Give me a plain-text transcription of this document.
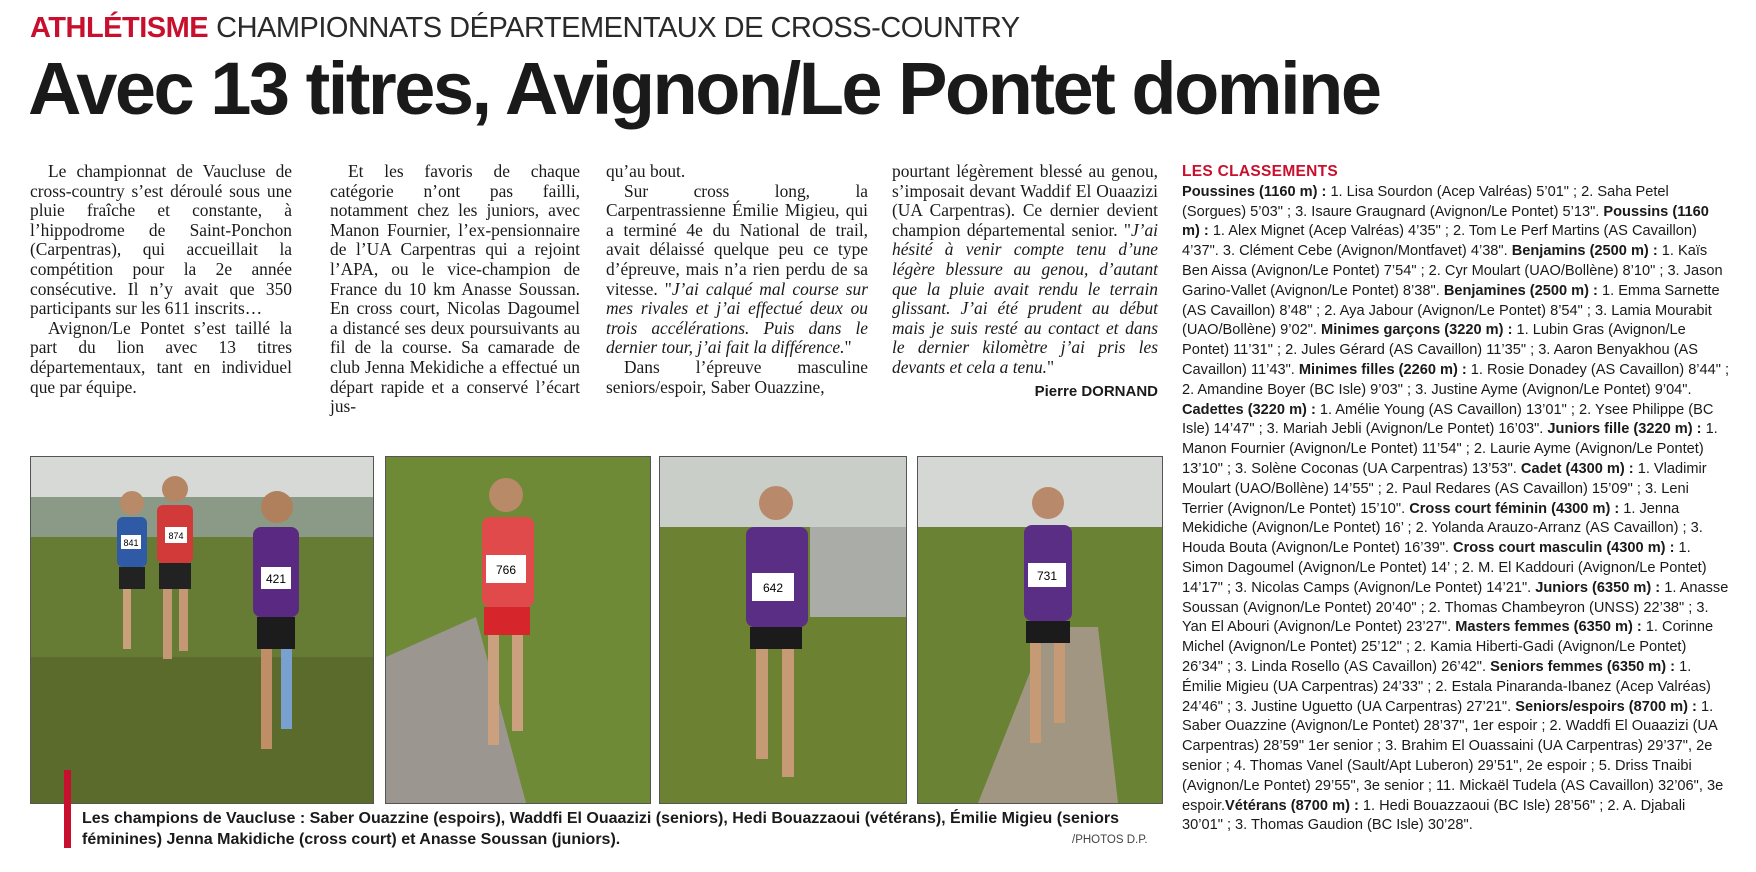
ATHLÉTISME CHAMPIONNATS DÉPARTEMENTAUX DE CROSS-COUNTRY
Avec 13 titres, Avignon/Le Pontet domine

Le championnat de Vaucluse de cross-country s’est déroulé sous une pluie fraîche et constante, à l’hippodrome de Saint-Ponchon (Carpentras), qui accueillait la compétition pour la 2e année consécutive. Il n’y avait que 350 participants sur les 611 inscrits…

Avignon/Le Pontet s’est taillé la part du lion avec 13 titres départementaux, tant en individuel que par équipe.

Et les favoris de chaque catégorie n’ont pas failli, notamment chez les juniors, avec Manon Fournier, l’ex-pensionnaire de l’UA Carpentras qui a rejoint l’APA, ou le vice-champion de France du 10 km Anasse Soussan. En cross court, Nicolas Dagoumel a distancé ses deux poursuivants au fil de la course. Sa camarade de club Jenna Mekidiche a effectué un départ rapide et a conservé l’écart jus-

qu’au bout.

Sur cross long, la Carpentrassienne Émilie Migieu, qui a terminé 4e du National de trail, avait délaissé quelque peu ce type d’épreuve, mais n’a rien perdu de sa vitesse. "J’ai calqué mal course sur mes rivales et j’ai effectué deux ou trois accélérations. Puis dans le dernier tour, j’ai fait la différence."

Dans l’épreuve masculine seniors/espoir, Saber Ouazzine,

pourtant légèrement blessé au genou, s’imposait devant Waddif El Ouaazizi (UA Carpentras). Ce dernier devient champion départemental senior. "J’ai hésité à venir compte tenu d’une légère blessure au genou, d’autant que la pluie avait rendu le terrain glissant. J’ai été prudent au début mais je suis resté au contact et dans le dernier kilomètre j’ai pris les devants et cela a tenu."

Pierre DORNAND
LES CLASSEMENTS
Poussines (1160 m) : 1. Lisa Sourdon (Acep Valréas) 5’01" ; 2. Saha Petel (Sorgues) 5’03" ; 3. Isaure Graugnard (Avignon/Le Pontet) 5’13". Poussins (1160 m) : 1. Alex Mignet (Acep Valréas) 4’35" ; 2. Tom Le Perf Martins (AS Cavaillon) 4’37". 3. Clément Cebe (Avignon/Montfavet) 4’38". Benjamins (2500 m) : 1. Kaïs Ben Aissa (Avignon/Le Pontet) 7’54" ; 2. Cyr Moulart (UAO/Bollène) 8’10" ; 3. Jason Garino-Vallet (Avignon/Le Pontet) 8’38". Benjamines (2500 m) : 1. Emma Sarnette (AS Cavaillon) 8’48" ; 2. Aya Jabour (Avignon/Le Pontet) 8’54" ; 3. Lamia Mourabit (UAO/Bollène) 9’02". Minimes garçons (3220 m) : 1. Lubin Gras (Avignon/Le Pontet) 11’31" ; 2. Jules Gérard (AS Cavaillon) 11’35" ; 3. Aaron Benyakhou (AS Cavaillon) 11’43". Minimes filles (2260 m) : 1. Rosie Donadey (AS Cavaillon) 8’44" ; 2. Amandine Boyer (BC Isle) 9’03" ; 3. Justine Ayme (Avignon/Le Pontet) 9’04". Cadettes (3220 m) : 1. Amélie Young (AS Cavaillon) 13’01" ; 2. Ysee Philippe (BC Isle) 14’47" ; 3. Mariah Jebli (Avignon/Le Pontet) 16’03". Juniors fille (3220 m) : 1. Manon Fournier (Avignon/Le Pontet) 11’54" ; 2. Laurie Ayme (Avignon/Le Pontet) 13’10" ; 3. Solène Coconas (UA Carpentras) 13’53". Cadet (4300 m) : 1. Vladimir Moulart (UAO/Bollène) 14’55" ; 2. Paul Redares (AS Cavaillon) 15’09" ; 3. Leni Terrier (Avignon/Le Pontet) 15’10". Cross court féminin (4300 m) : 1. Jenna Mekidiche (Avignon/Le Pontet) 16’ ; 2. Yolanda Arauzo-Arranz (AS Cavaillon) ; 3. Houda Bouta (Avignon/Le Pontet) 16’39". Cross court masculin (4300 m) : 1. Simon Dagoumel (Avignon/Le Pontet) 14’ ; 2. M. El Kaddouri (Avignon/Le Pontet) 14’17" ; 3. Nicolas Camps (Avignon/Le Pontet) 14’21". Juniors (6350 m) : 1. Anasse Soussan (Avignon/Le Pontet) 20’40" ; 2. Thomas Chambeyron (UNSS) 22’38" ; 3. Yan El Abouri (Avignon/Le Pontet) 23’27". Masters femmes (6350 m) : 1. Corinne Michel (Avignon/Le Pontet) 25’12" ; 2. Kamia Hiberti-Gadi (Avignon/Le Pontet) 26’34" ; 3. Linda Rosello (AS Cavaillon) 26’42". Seniors femmes (6350 m) : 1. Émilie Migieu (UA Carpentras) 24’33" ; 2. Estala Pinaranda-Ibanez (Acep Valréas) 24’46" ; 3. Justine Uguetto (UA Carpentras) 27’21". Seniors/espoirs (8700 m) : 1. Saber Ouazzine (Avignon/Le Pontet) 28’37", 1er espoir ; 2. Waddfi El Ouaazizi (UA Carpentras) 28’59" 1er senior ; 3. Brahim El Ouassaini (UA Carpentras) 29’37", 2e senior ; 4. Thomas Vanel (Sault/Apt Luberon) 29’51", 2e espoir ; 5. Driss Tnaibi (Avignon/Le Pontet) 29’55", 3e senior ; 11. Mickaël Tudela (AS Cavaillon) 32’06", 3e espoir.Vétérans (8700 m) : 1. Hedi Bouazzaoui (BC Isle) 28’56" ; 2. A. Djabali 30’01" ; 3. Thomas Gaudion (BC Isle) 30’28".
841
874
421
766
642
731
Les champions de Vaucluse : Saber Ouazzine (espoirs), Waddfi El Ouaazizi (seniors), Hedi Bouazzaoui (vétérans), Émilie Migieu (seniors féminines) Jenna Makidiche (cross court) et Anasse Soussan (juniors).	/PHOTOS D.P.
